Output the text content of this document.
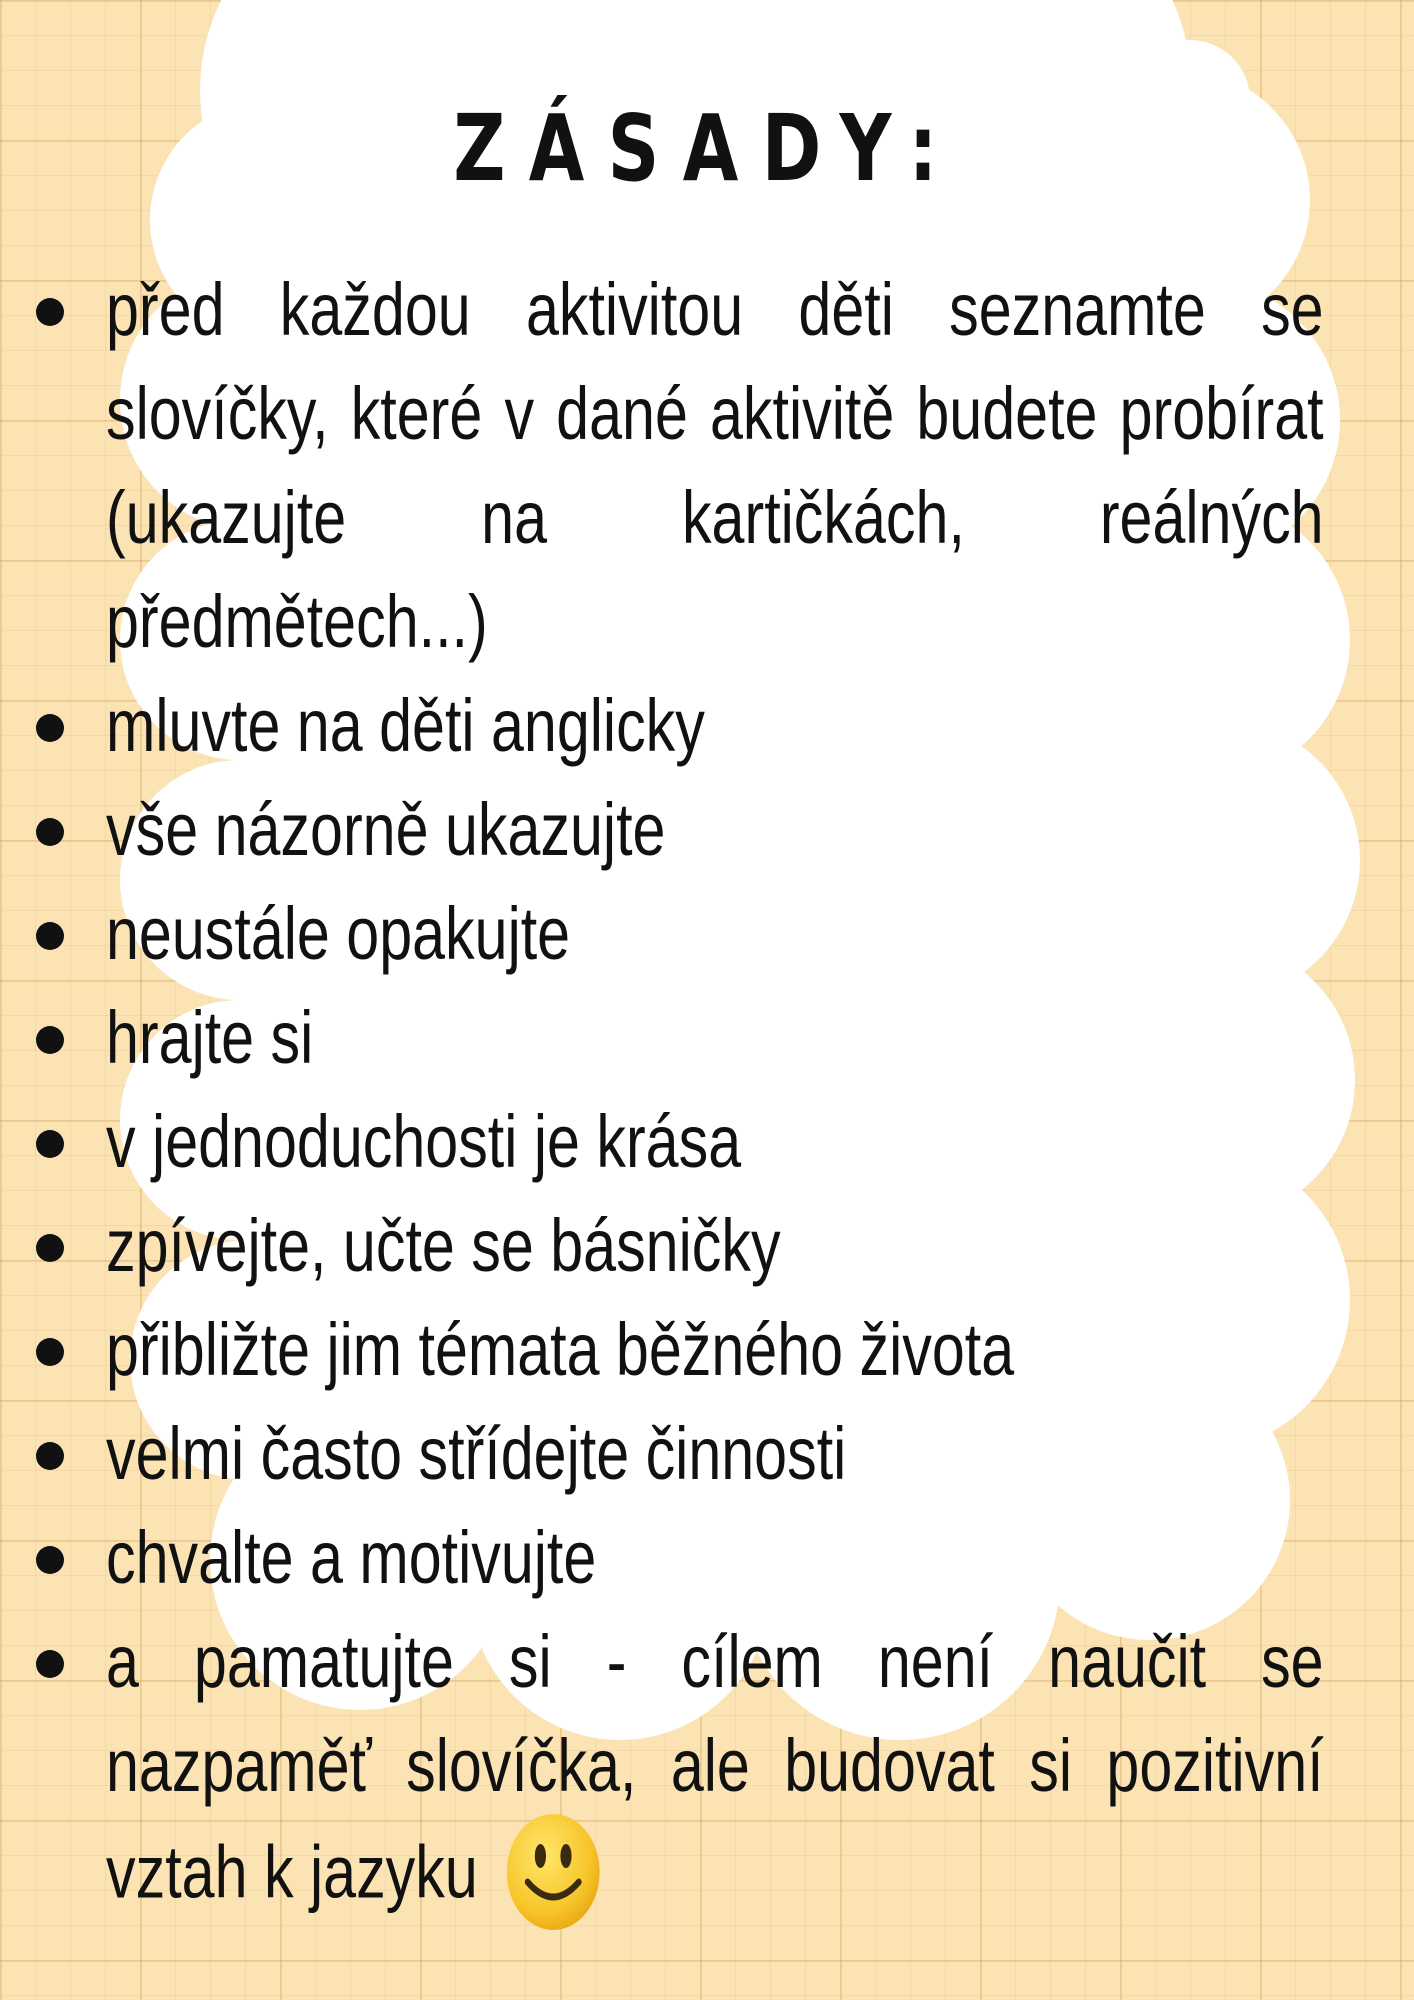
ZÁSADY:
před každou aktivitou děti seznamte se slovíčky, které v dané aktivitě budete probírat (ukazujte na kartičkách, reálných předmětech...)
mluvte na děti anglicky
vše názorně ukazujte
neustále opakujte
hrajte si
v jednoduchosti je krása
zpívejte, učte se básničky
přibližte jim témata běžného života
velmi často střídejte činnosti
chvalte a motivujte
a pamatujte si - cílem není naučit se nazpaměť slovíčka, ale budovat si pozitivní vztah k jazyku
